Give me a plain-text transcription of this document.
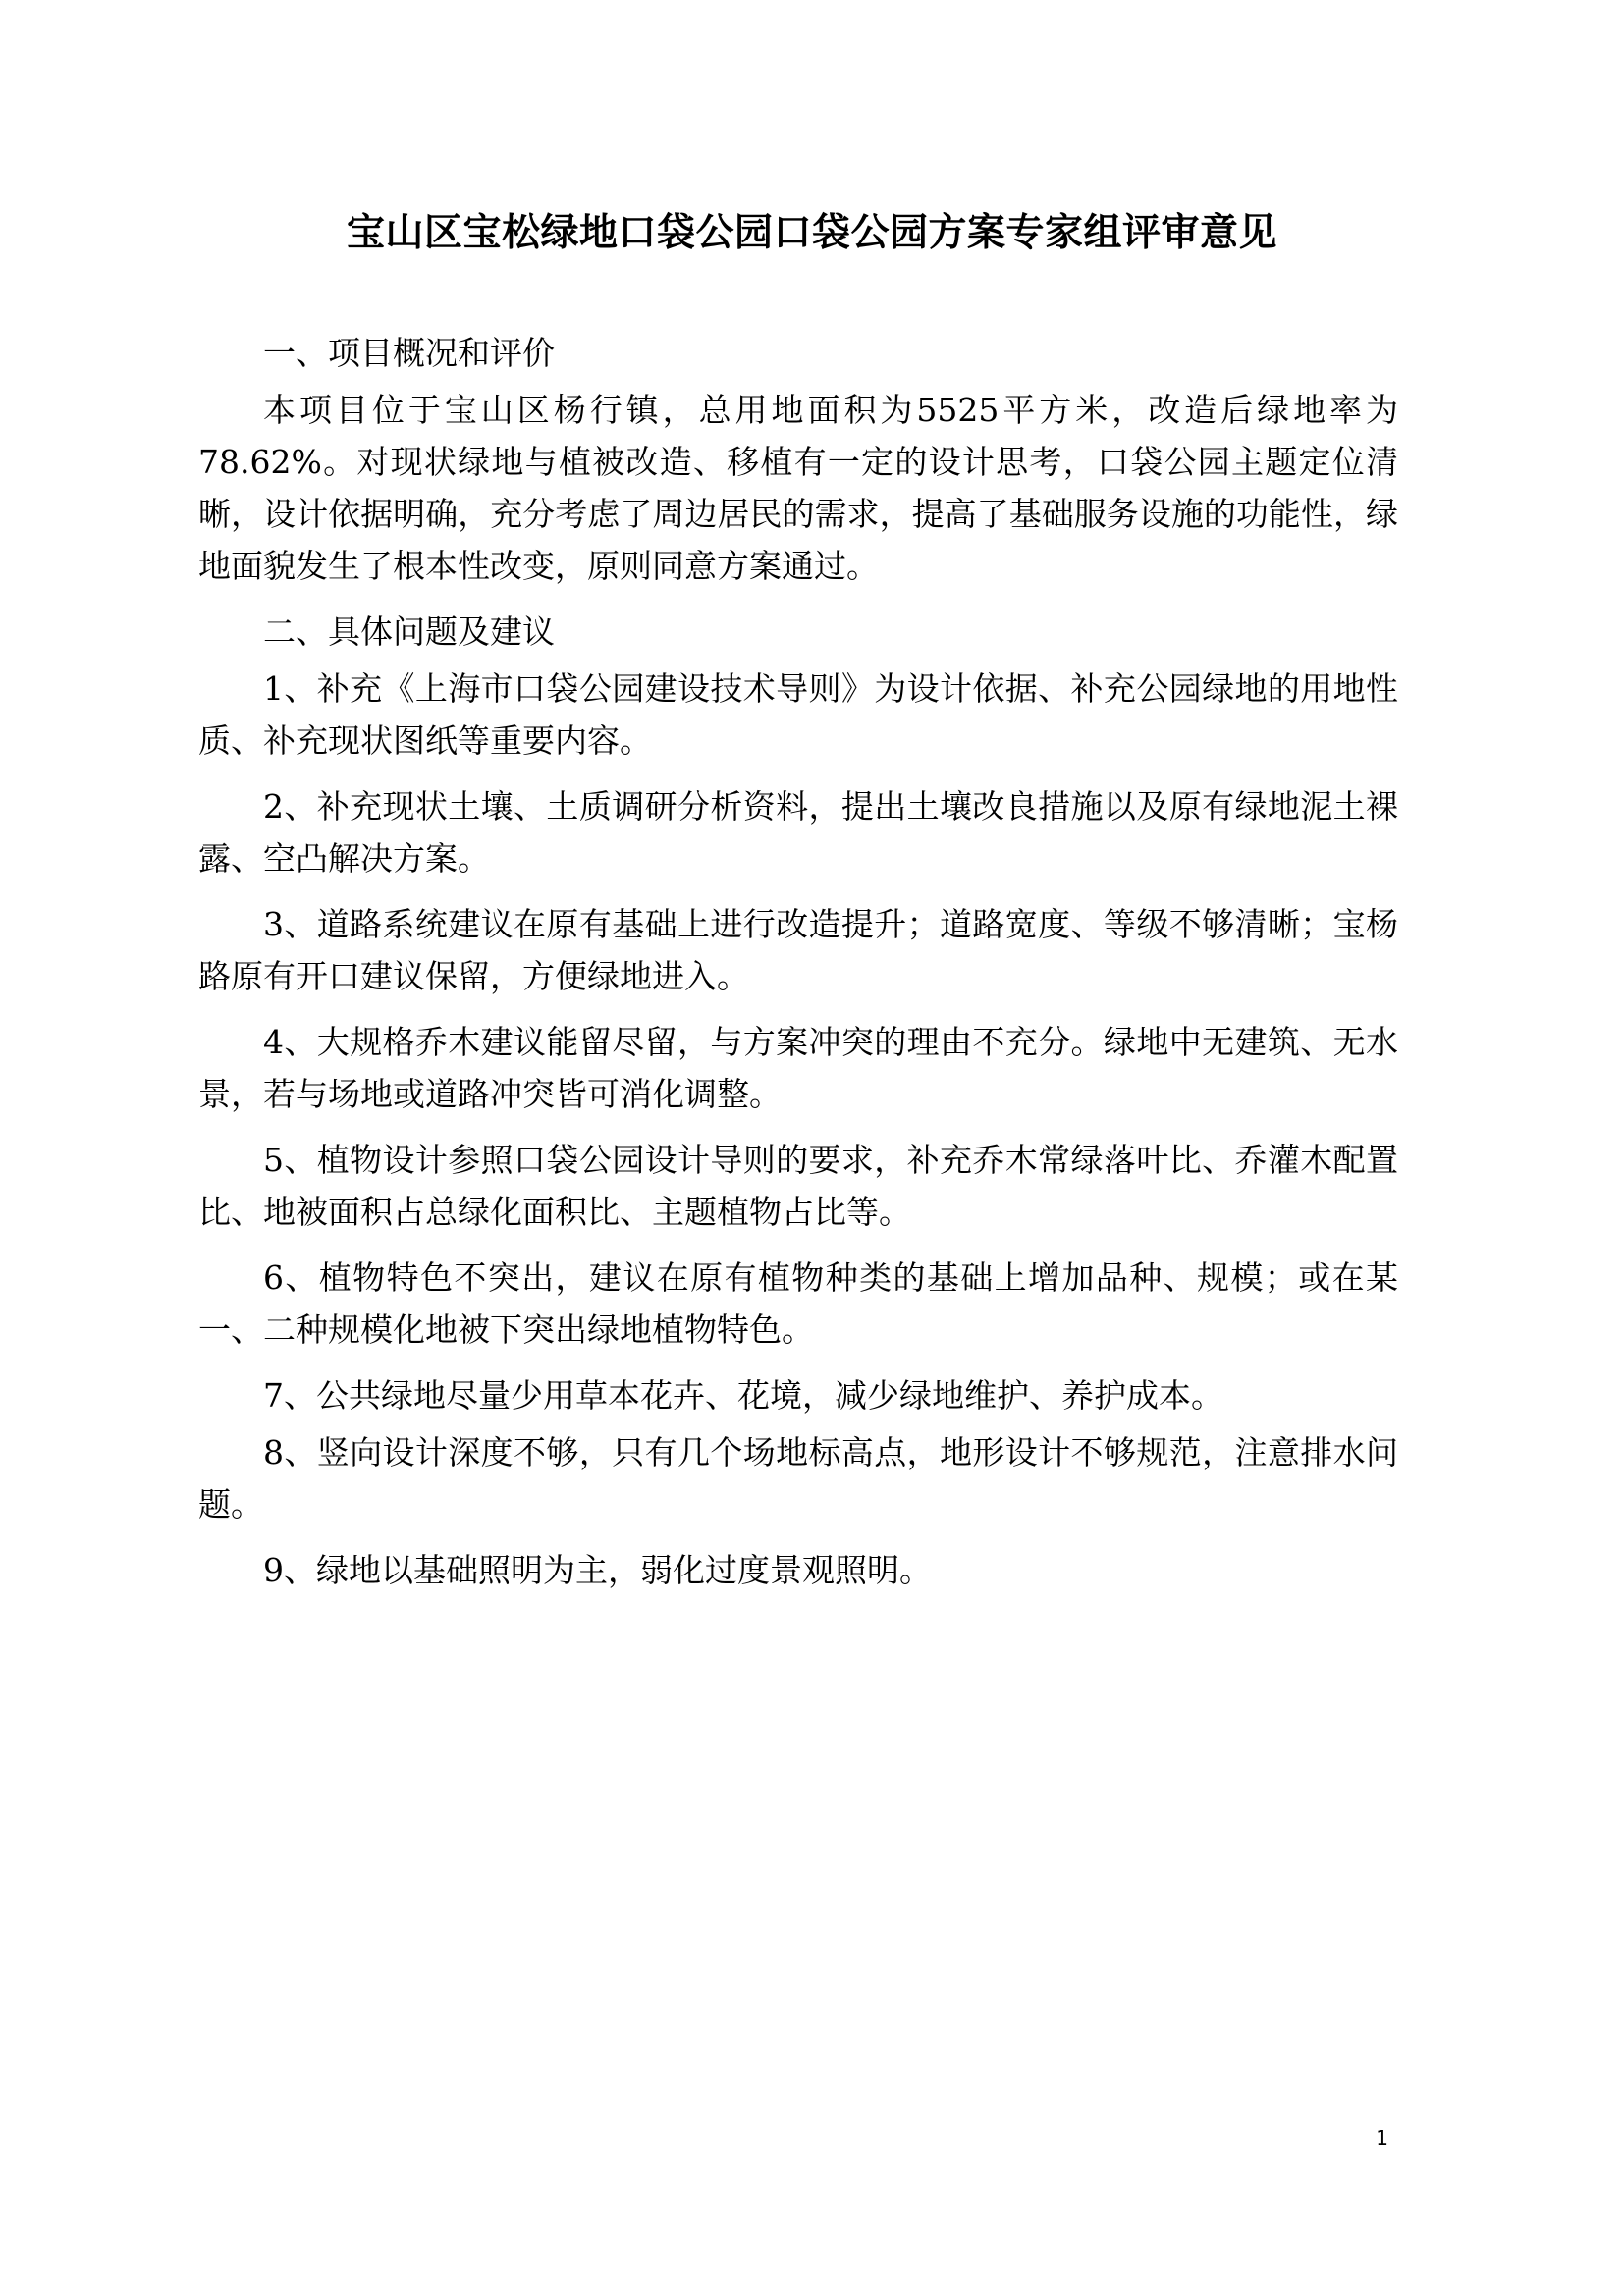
宝山区宝松绿地口袋公园口袋公园方案专家组评审意见

一、项目概况和评价

本项目位于宝山区杨行镇，总用地面积为5525平方米，改造后绿地率为78.62%。对现状绿地与植被改造、移植有一定的设计思考，口袋公园主题定位清晰，设计依据明确，充分考虑了周边居民的需求，提高了基础服务设施的功能性，绿地面貌发生了根本性改变，原则同意方案通过。

二、具体问题及建议

1、补充《上海市口袋公园建设技术导则》为设计依据、补充公园绿地的用地性质、补充现状图纸等重要内容。

2、补充现状土壤、土质调研分析资料，提出土壤改良措施以及原有绿地泥土裸露、空凸解决方案。

3、道路系统建议在原有基础上进行改造提升；道路宽度、等级不够清晰；宝杨路原有开口建议保留，方便绿地进入。

4、大规格乔木建议能留尽留，与方案冲突的理由不充分。绿地中无建筑、无水景，若与场地或道路冲突皆可消化调整。

5、植物设计参照口袋公园设计导则的要求，补充乔木常绿落叶比、乔灌木配置比、地被面积占总绿化面积比、主题植物占比等。

6、植物特色不突出，建议在原有植物种类的基础上增加品种、规模；或在某一、二种规模化地被下突出绿地植物特色。

7、公共绿地尽量少用草本花卉、花境，减少绿地维护、养护成本。

8、竖向设计深度不够，只有几个场地标高点，地形设计不够规范，注意排水问题。

9、绿地以基础照明为主，弱化过度景观照明。

1
